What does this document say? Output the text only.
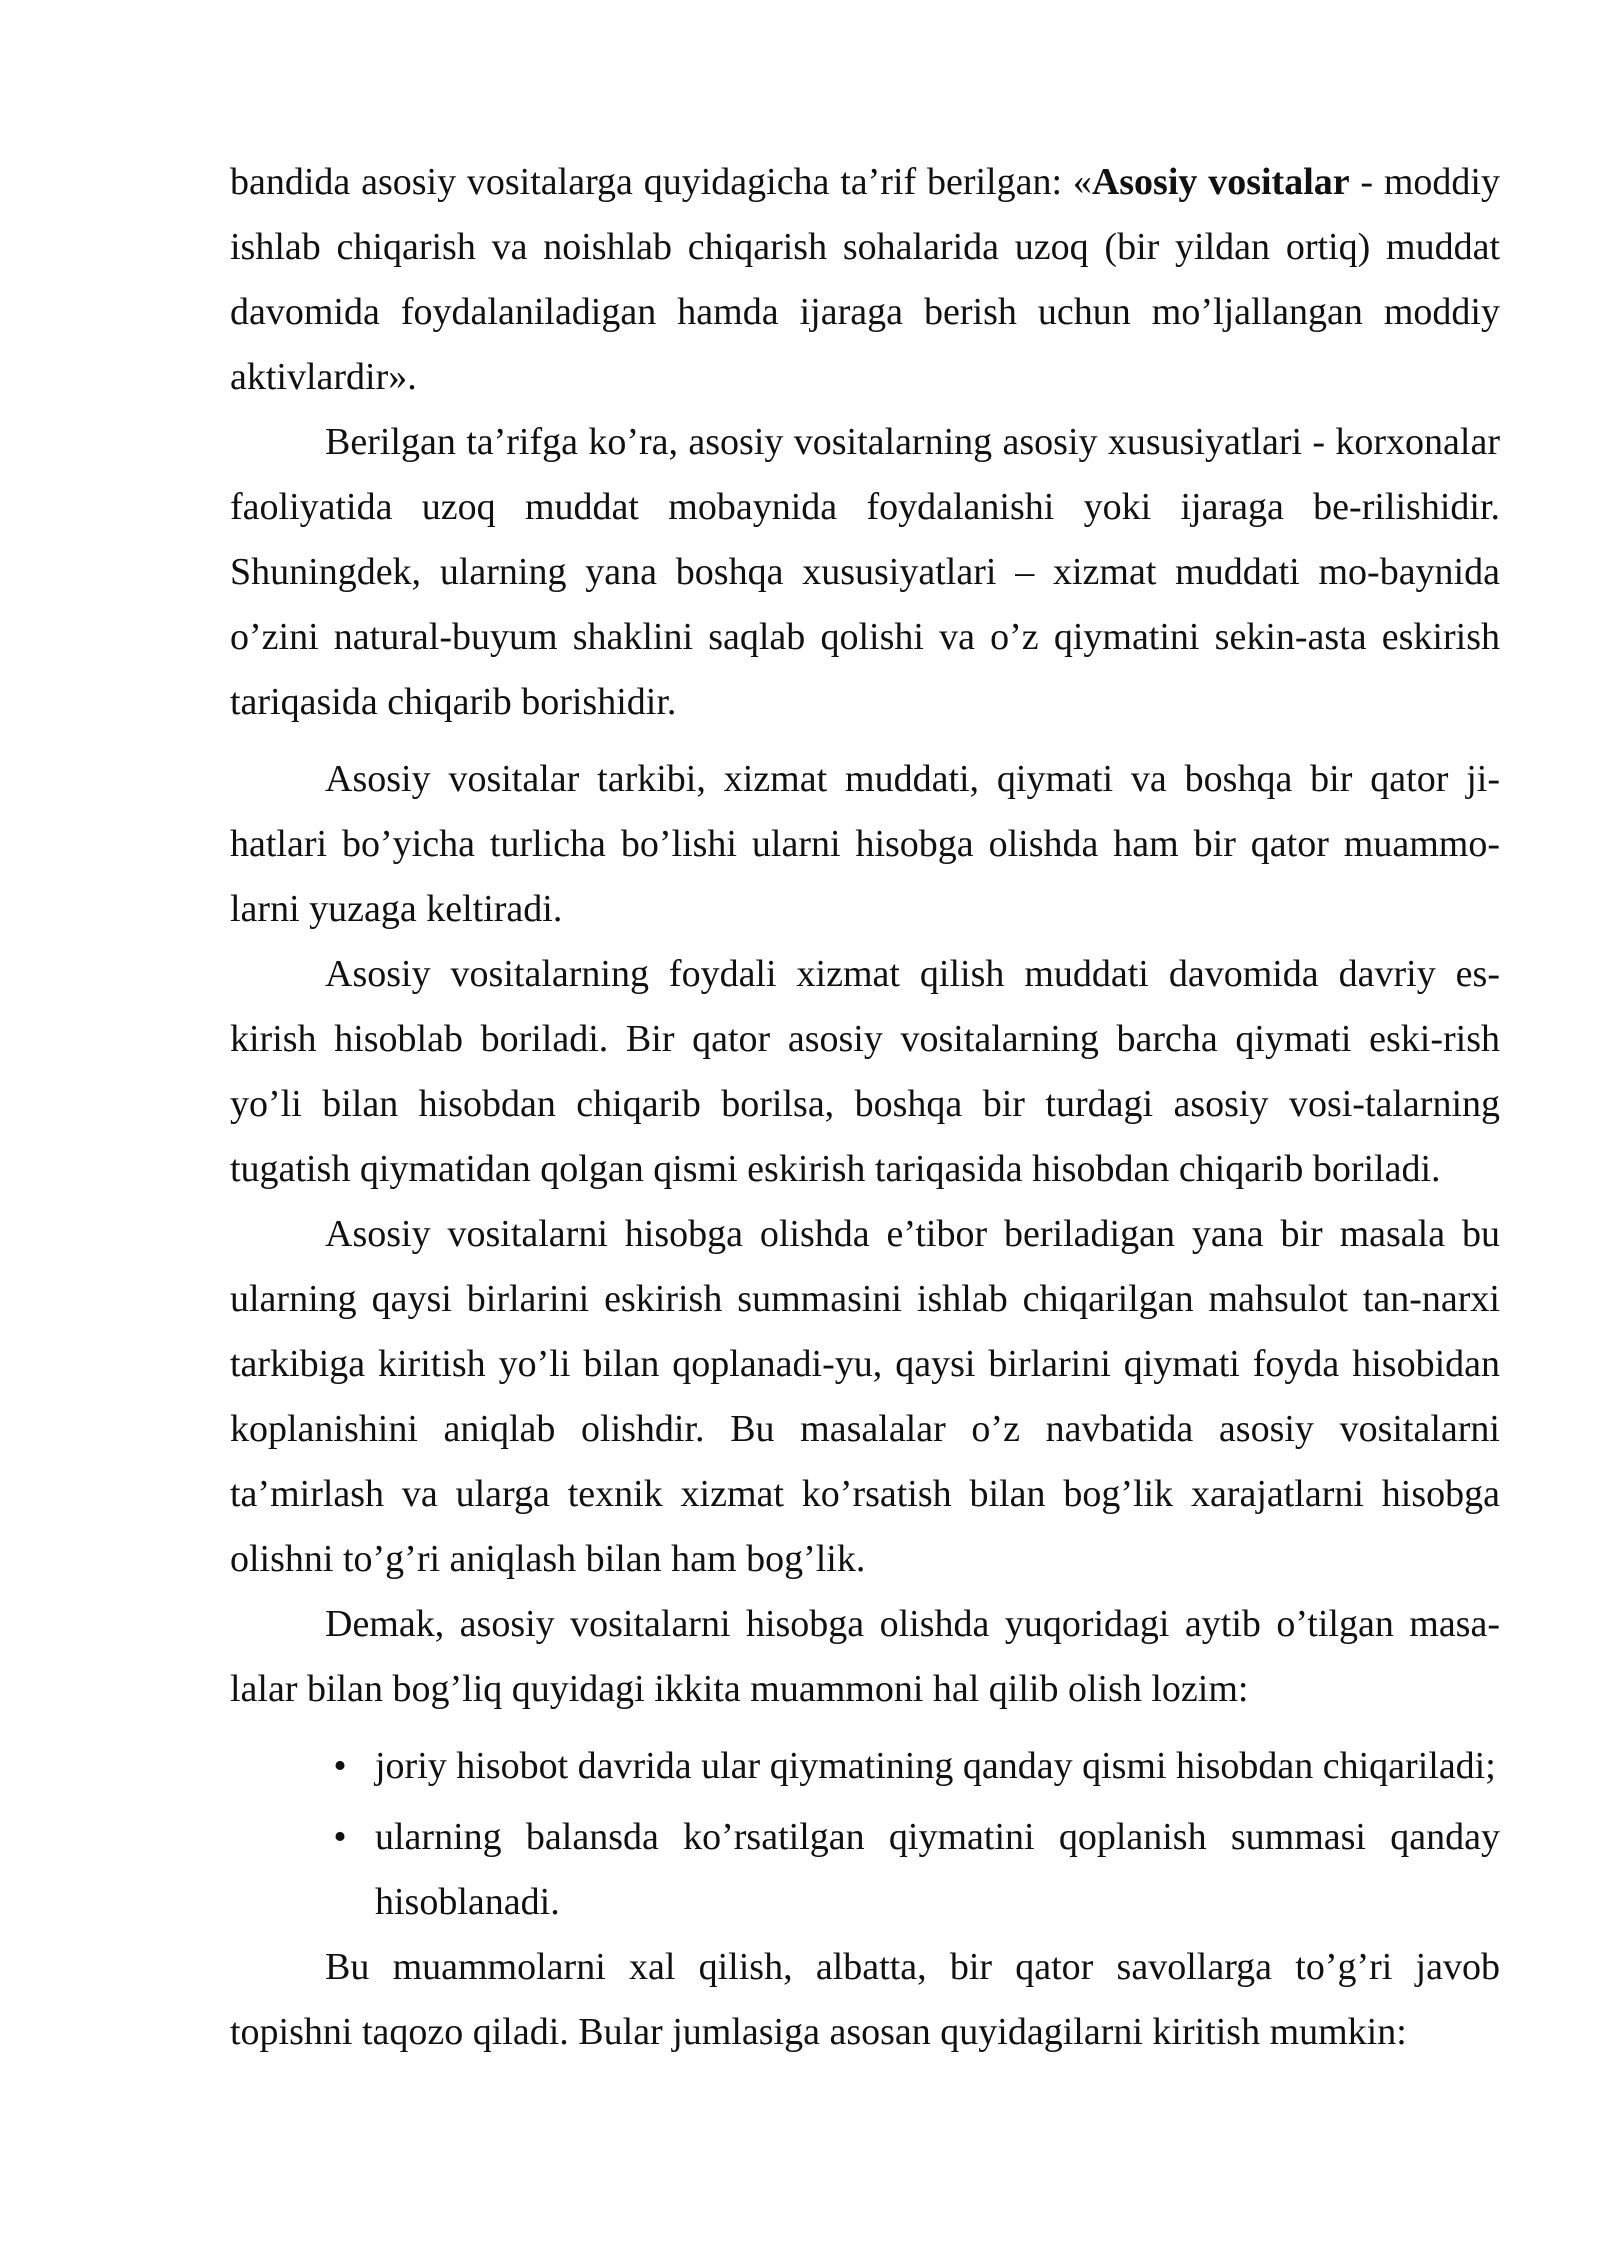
bandida asosiy vositalarga quyidagicha ta’rif berilgan: «Asosiy vositalar - moddiy ishlab chiqarish va noishlab chiqarish sohalarida uzoq (bir yildan ortiq) muddat davomida foydalaniladigan hamda ijaraga berish uchun mo’ljallangan moddiy aktivlardir».

Berilgan ta’rifga ko’ra, asosiy vositalarning asosiy xususiyatlari - korxonalar faoliyatida uzoq muddat mobaynida foydalanishi yoki ijaraga be-rilishidir. Shuningdek, ularning yana boshqa xususiyatlari – xizmat muddati mo-baynida o’zini natural-buyum shaklini saqlab qolishi va o’z qiymatini sekin-asta eskirish tariqasida chiqarib borishidir.

Asosiy vositalar tarkibi, xizmat muddati, qiymati va boshqa bir qator ji-hatlari bo’yicha turlicha bo’lishi ularni hisobga olishda ham bir qator muammo-larni yuzaga keltiradi.

Asosiy vositalarning foydali xizmat qilish muddati davomida davriy es-kirish hisoblab boriladi. Bir qator asosiy vositalarning barcha qiymati eski-rish yo’li bilan hisobdan chiqarib borilsa, boshqa bir turdagi asosiy vosi-talarning tugatish qiymatidan qolgan qismi eskirish tariqasida hisobdan chiqarib boriladi.

Asosiy vositalarni hisobga olishda e’tibor beriladigan yana bir masala bu ularning qaysi birlarini eskirish summasini ishlab chiqarilgan mahsulot tan-narxi tarkibiga kiritish yo’li bilan qoplanadi-yu, qaysi birlarini qiymati foyda hisobidan koplanishini aniqlab olishdir. Bu masalalar o’z navbatida asosiy vositalarni ta’mirlash va ularga texnik xizmat ko’rsatish bilan bog’lik xarajatlarni hisobga olishni to’g’ri aniqlash bilan ham bog’lik.

Demak, asosiy vositalarni hisobga olishda yuqoridagi aytib o’tilgan masa-lalar bilan bog’liq quyidagi ikkita muammoni hal qilib olish lozim:

• joriy hisobot davrida ular qiymatining qanday qismi hisobdan chiqariladi;
• ularning balansda ko’rsatilgan qiymatini qoplanish summasi qanday hisoblanadi.

Bu muammolarni xal qilish, albatta, bir qator savollarga to’g’ri javob topishni taqozo qiladi. Bular jumlasiga asosan quyidagilarni kiritish mumkin:
